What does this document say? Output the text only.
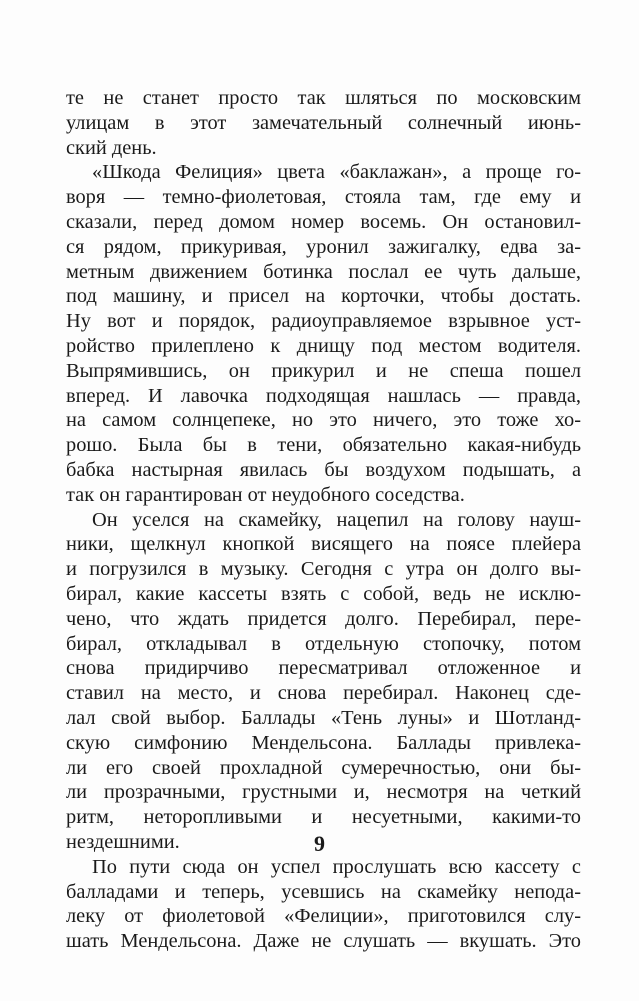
те не станет просто так шляться по московским
улицам в этот замечательный солнечный июнь-
ский день.
«Шкода Фелиция» цвета «баклажан», а проще го-
воря — темно-фиолетовая, стояла там, где ему и
сказали, перед домом номер восемь. Он остановил-
ся рядом, прикуривая, уронил зажигалку, едва за-
метным движением ботинка послал ее чуть дальше,
под машину, и присел на корточки, чтобы достать.
Ну вот и порядок, радиоуправляемое взрывное уст-
ройство прилеплено к днищу под местом водителя.
Выпрямившись, он прикурил и не спеша пошел
вперед. И лавочка подходящая нашлась — правда,
на самом солнцепеке, но это ничего, это тоже хо-
рошо. Была бы в тени, обязательно какая-нибудь
бабка настырная явилась бы воздухом подышать, а
так он гарантирован от неудобного соседства.
Он уселся на скамейку, нацепил на голову науш-
ники, щелкнул кнопкой висящего на поясе плейера
и погрузился в музыку. Сегодня с утра он долго вы-
бирал, какие кассеты взять с собой, ведь не исклю-
чено, что ждать придется долго. Перебирал, пере-
бирал, откладывал в отдельную стопочку, потом
снова придирчиво пересматривал отложенное и
ставил на место, и снова перебирал. Наконец сде-
лал свой выбор. Баллады «Тень луны» и Шотланд-
скую симфонию Мендельсона. Баллады привлека-
ли его своей прохладной сумеречностью, они бы-
ли прозрачными, грустными и, несмотря на четкий
ритм, неторопливыми и несуетными, какими-то
нездешними.
По пути сюда он успел прослушать всю кассету с
балладами и теперь, усевшись на скамейку непода-
леку от фиолетовой «Фелиции», приготовился слу-
шать Мендельсона. Даже не слушать — вкушать. Это
9
